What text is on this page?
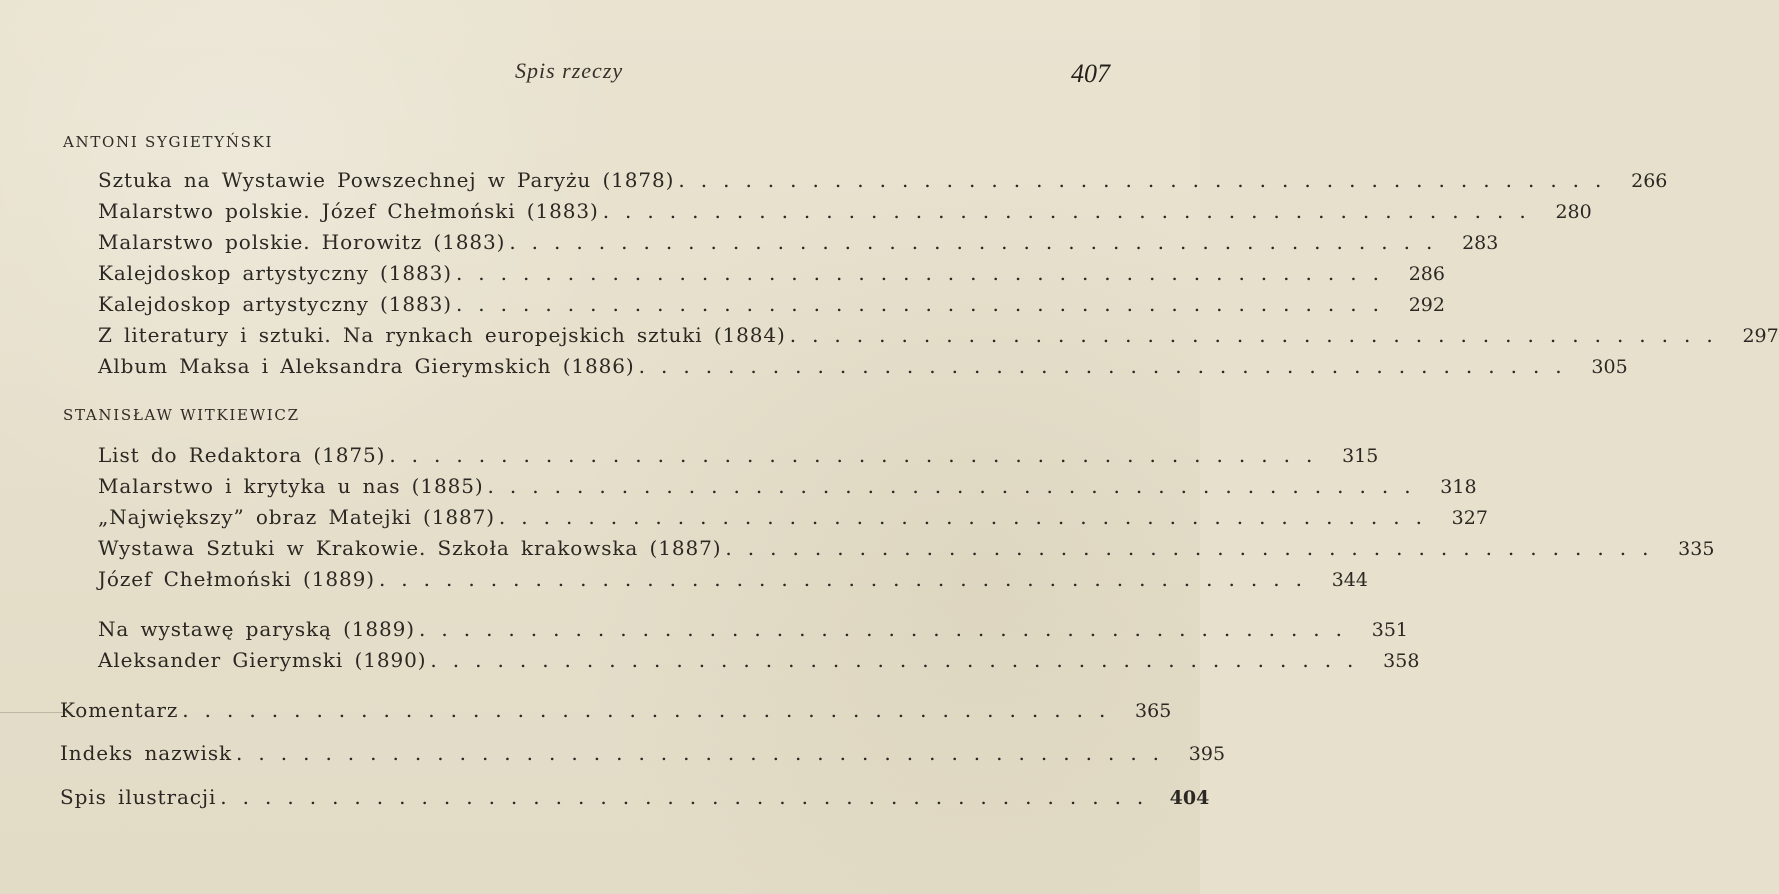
Spis rzeczy	407
ANTONI SYGIETYŃSKI
Sztuka na Wystawie Powszechnej w Paryżu (1878) .......................................... 266
Malarstwo polskie. Józef Chełmoński (1883) .......................................... 280
Malarstwo polskie. Horowitz (1883) .......................................... 283
Kalejdoskop artystyczny (1883) .......................................... 286
Kalejdoskop artystyczny (1883) .......................................... 292
Z literatury i sztuki. Na rynkach europejskich sztuki (1884) .......................................... 297
Album Maksa i Aleksandra Gierymskich (1886) .......................................... 305
STANISŁAW WITKIEWICZ
List do Redaktora (1875) .......................................... 315
Malarstwo i krytyka u nas (1885) .......................................... 318
„Największy” obraz Matejki (1887) .......................................... 327
Wystawa Sztuki w Krakowie. Szkoła krakowska (1887) .......................................... 335
Józef Chełmoński (1889) .......................................... 344
Na wystawę paryską (1889) .......................................... 351
Aleksander Gierymski (1890) .......................................... 358
Komentarz .......................................... 365
Indeks nazwisk .......................................... 395
Spis ilustracji .......................................... 404
